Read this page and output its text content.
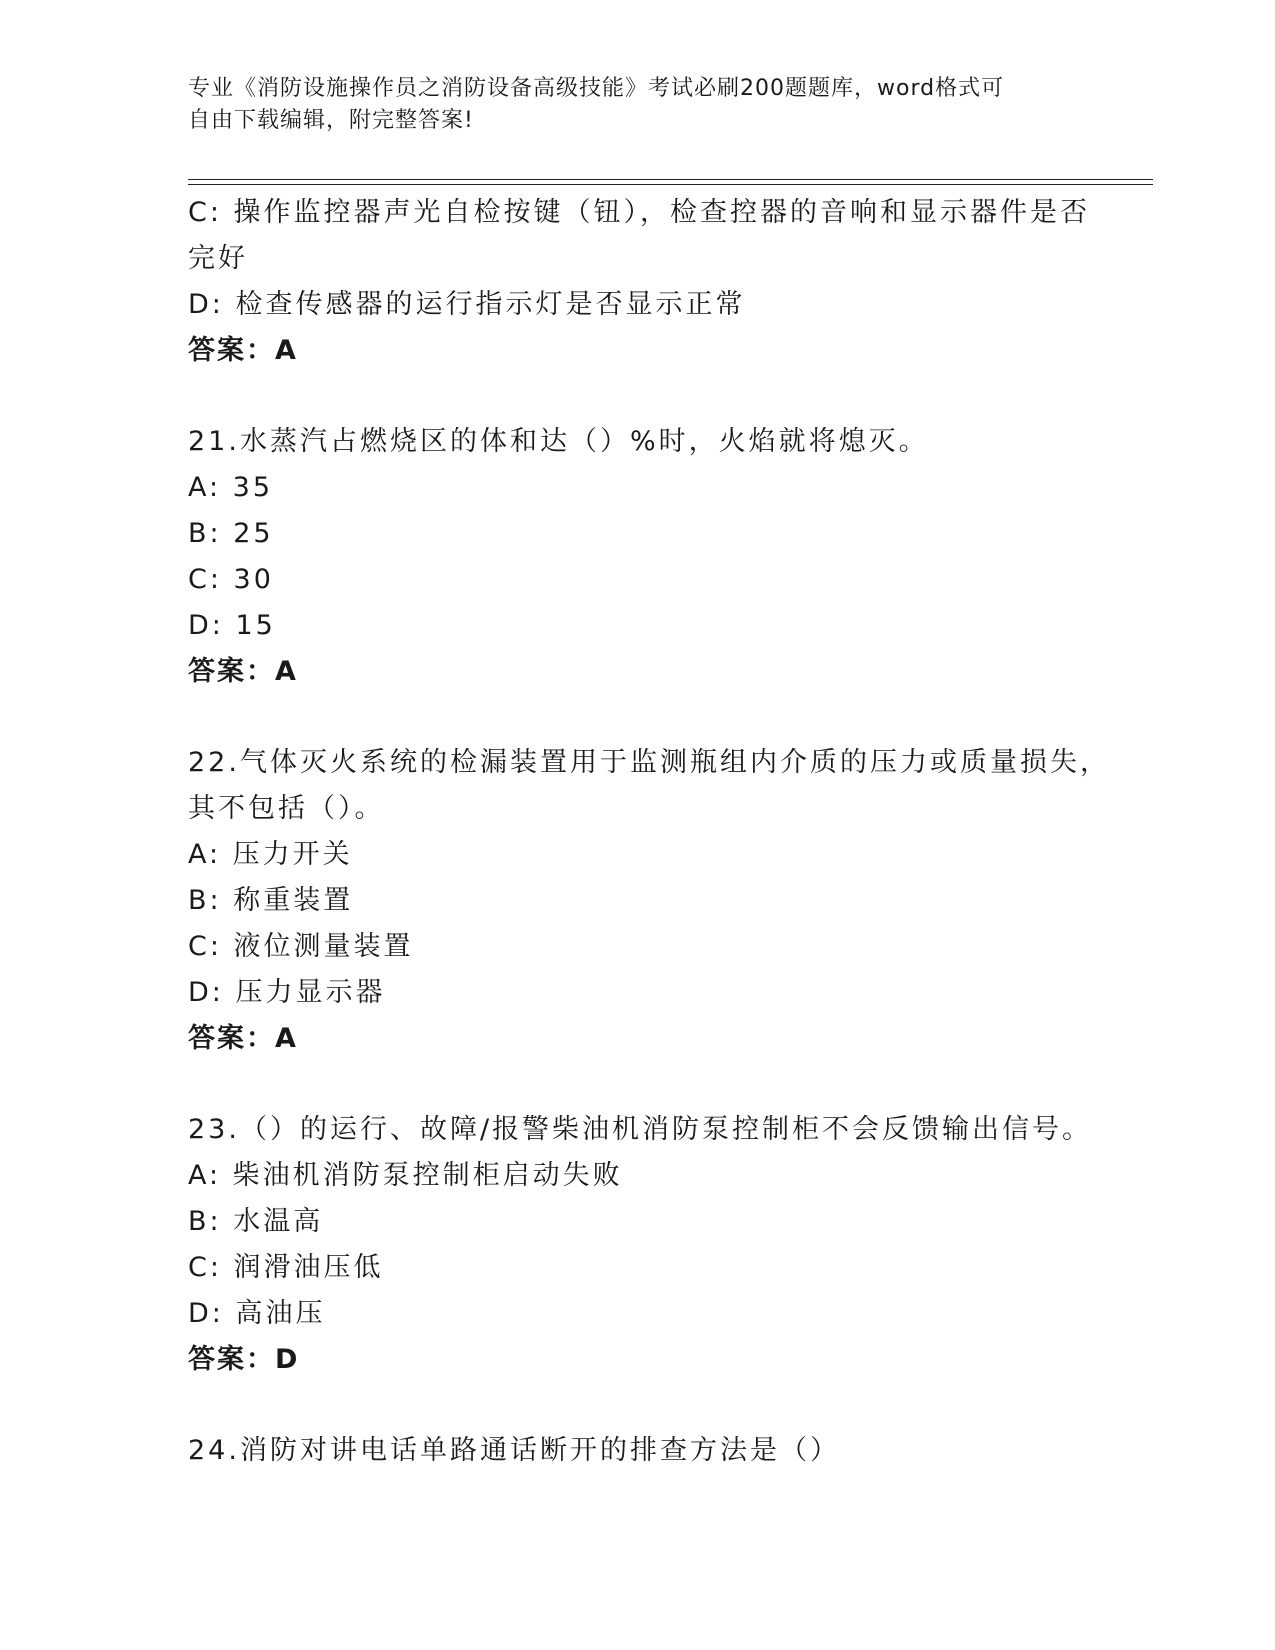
专业《消防设施操作员之消防设备高级技能》考试必刷200题题库，word格式可
自由下载编辑，附完整答案!
C: 操作监控器声光自检按键（钮），检查控器的音响和显示器件是否
完好
D: 检查传感器的运行指示灯是否显示正常
答案：A
21.水蒸汽占燃烧区的体和达（）%时，火焰就将熄灭。
A: 35
B: 25
C: 30
D: 15
答案：A
22.气体灭火系统的检漏装置用于监测瓶组内介质的压力或质量损失，
其不包括（）。
A: 压力开关
B: 称重装置
C: 液位测量装置
D: 压力显示器
答案：A
23.（）的运行、故障/报警柴油机消防泵控制柜不会反馈输出信号。
A: 柴油机消防泵控制柜启动失败
B: 水温高
C: 润滑油压低
D: 高油压
答案：D
24.消防对讲电话单路通话断开的排查方法是（）
